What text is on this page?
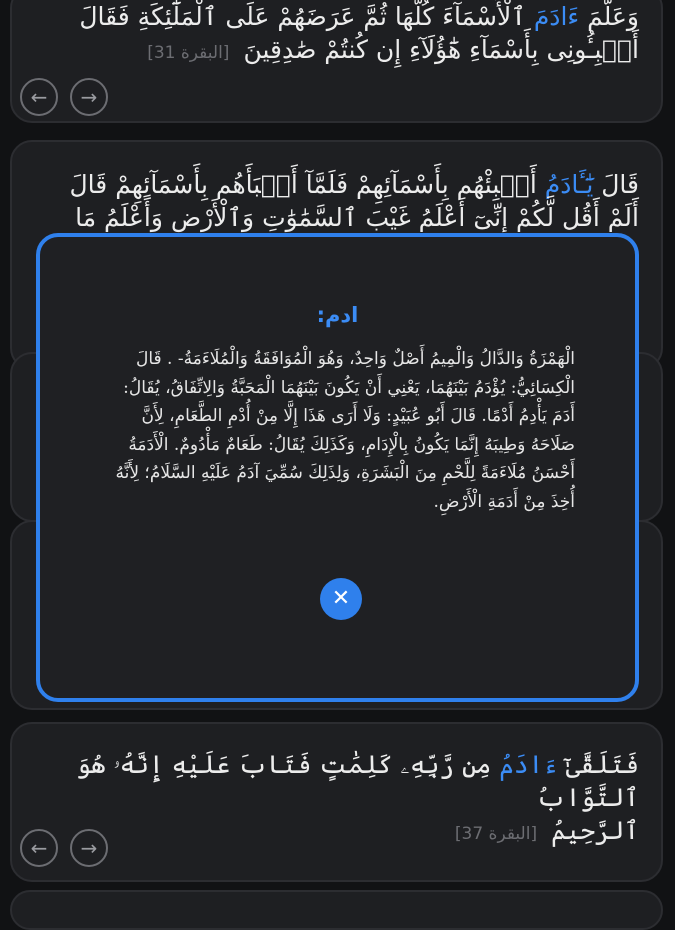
وَعَلَّمَ ءَادَمَ ٱلْأَسْمَآءَ كُلَّهَا ثُمَّ عَرَضَهُمْ عَلَى ٱلْمَلَٰٓئِكَةِ فَقَالَ
أَنۢبِـُٔونِى بِأَسْمَآءِ هَٰٓؤُلَآءِ إِن كُنتُمْ صَٰدِقِينَ[البقرة 31]

←	→

قَالَ يَٰٓـَٔادَمُ أَنۢبِئْهُم بِأَسْمَآئِهِمْ فَلَمَّآ أَنۢبَأَهُم بِأَسْمَآئِهِمْ قَالَ
أَلَمْ أَقُل لَّكُمْ إِنِّىٓ أَعْلَمُ غَيْبَ ٱلسَّمَٰوَٰتِ وَٱلْأَرْضِ وَأَعْلَمُ مَا

فَتَلَقَّىٰٓ ءَادَمُ مِن رَّبِّهِۦ كَلِمَٰتٍ فَتَابَ عَلَيْهِ إِنَّهُۥ هُوَ ٱلتَّوَّابُ
ٱلرَّحِيمُ[البقرة 37]

←	→
ادم:

الْهَمْزَةُ وَالدَّالُ وَالْمِيمُ أَصْلٌ وَاحِدٌ، وَهُوَ الْمُوَافَقَةُ وَالْمُلَاءَمَةُ- . قَالَ الْكِسَائِيُّ: يُؤْدَمُ بَيْنَهُمَا، يَعْنِي أَنْ يَكُونَ بَيْنَهُمَا الْمَحَبَّةُ وَالِاتِّفَاقُ، يُقَالُ: أَدَمَ يَأْدِمُ أَدْمًا. قَالَ أَبُو عُبَيْدٍ: وَلَا أَرَى هَذَا إِلَّا مِنْ أُدْمِ الطَّعَامِ، لِأَنَّ صَلَاحَهُ وَطِيبَهُ إِنَّمَا يَكُونُ بِالْإِدَامِ، وَكَذَلِكَ يُقَالُ: طَعَامٌ مَأْدُومٌ. الْأَدَمَةُ أَحْسَنُ مُلَاءَمَةً لِلَّحْمِ مِنَ الْبَشَرَةِ، وَلِذَلِكَ سُمِّيَ آدَمُ عَلَيْهِ السَّلَامُ؛ لِأَنَّهُ أُخِذَ مِنْ أَدَمَةِ الْأَرْضِ.

✕
